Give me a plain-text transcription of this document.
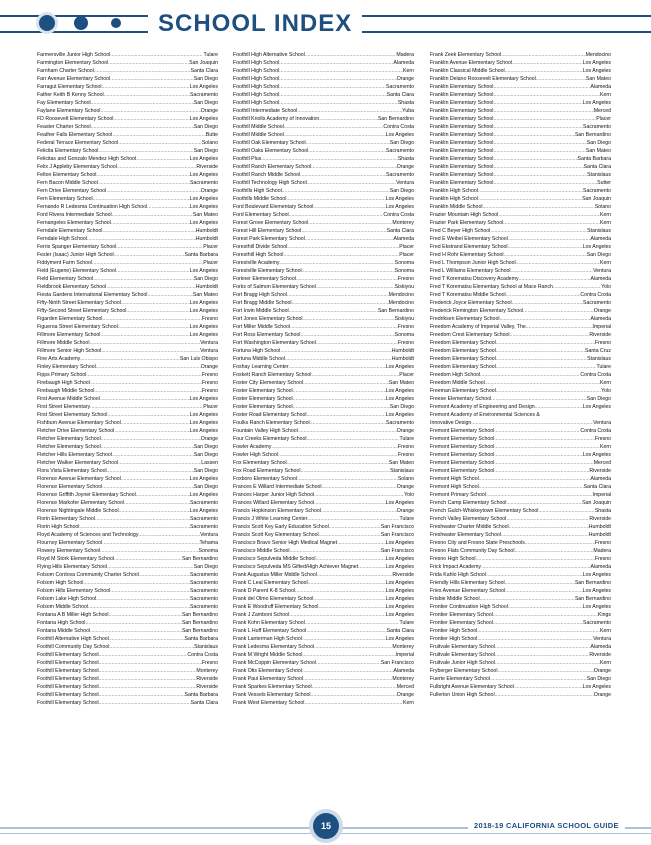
SCHOOL INDEX
Farmersville Junior High School .....	Tulare
Farmington Elementary School .....	San Joaquin
Farnham Charter School .....	Santa Clara
Farr Avenue Elementary School .....	San Diego
Farragut Elementary School .....	Los Angeles
Father Keith B Kenny School .....	Sacramento
Fay Elementary School .....	San Diego
Faylane Elementary School .....	Orange
FD Roosevelt Elementary School .....	Los Angeles
Feaster Charter School .....	San Diego
Feather Falls Elementary School .....	Butte
Federal Terrace Elementary School .....	Solano
Felicita Elementary School .....	San Diego
Felicitas and Gonzalo Mendez High School .....	Los Angeles
Felix J Appleby Elementary School .....	Riverside
Felton Elementary School .....	Los Angeles
Fern Bacon Middle School .....	Sacramento
Fern Drive Elementary School .....	Orange
Fern Elementary School .....	Los Angeles
Fernando R Ledesma Continuation High School .....	Los Angeles
Ford Rivera Intermediate School .....	San Mateo
Fernangeles Elementary School .....	Los Angeles
Ferndale Elementary School .....	Humboldt
Ferndale High School .....	Humboldt
Ferris Spanger Elementary School .....	Placer
Fesler (Isaac) Junior High School .....	Santa Barbara
Fiddyment Farm School .....	Placer
Field (Eugene) Elementary School .....	Los Angeles
Field Elementary School .....	San Diego
Fieldbrook Elementary School .....	Humboldt
Fiesta Gardens International Elementary School .....	San Mateo
Fifty-Ninth Street Elementary School .....	Los Angeles
Fifty-Second Street Elementary School .....	Los Angeles
Figarden Elementary School .....	Fresno
Figueroa Street Elementary School .....	Los Angeles
Fillmore Elementary School .....	Los Angeles
Fillmore Middle School .....	Ventura
Fillmore Senior High School .....	Ventura
Fine Arts Academy .....	San Luis Obispo
Finley Elementary School .....	Orange
Fipps Primary School .....	Fresno
Firebaugh High School .....	Fresno
Firebaugh Middle School .....	Fresno
First Avenue Middle School .....	Los Angeles
First Street Elementary .....	Placer
First Street Elementary School .....	Los Angeles
Fishburn Avenue Elementary School .....	Los Angeles
Fletcher Drive Elementary School .....	Los Angeles
Fletcher Elementary School .....	Orange
Fletcher Elementary School .....	San Diego
Fletcher Hills Elementary School .....	San Diego
Fletcher Walker Elementary School .....	Lassen
Flora Vista Elementary School .....	San Diego
Florence Avenue Elementary School .....	Los Angeles
Florence Elementary School .....	San Diego
Florence Griffith Joyner Elementary School .....	Los Angeles
Florence Markofer Elementary School .....	Sacramento
Florence Nightingale Middle School .....	Los Angeles
Florin Elementary School .....	Sacramento
Florin High School .....	Sacramento
Floyd Academy of Sciences and Technology .....	Ventura
Flournoy Elementary School .....	Tehama
Flowery Elementary School .....	Sonoma
Floyd M Stork Elementary School .....	San Bernardino
Flying Hills Elementary School .....	San Diego
Folsom Cordova Community Charter School .....	Sacramento
Folsom High School .....	Sacramento
Folsom Hills Elementary School .....	Sacramento
Folsom Lake High School .....	Sacramento
Folsom Middle School .....	Sacramento
Fontana A B Miller High School .....	San Bernardino
Fontana High School .....	San Bernardino
Fontana Middle School .....	San Bernardino
Foothill Alternative High School .....	Santa Barbara
Foothill Community Day School .....	Stanislaus
Foothill Elementary School .....	Contra Costa
Foothill Elementary School .....	Fresno
Foothill Elementary School .....	Monterey
Foothill Elementary School .....	Riverside
Foothill Elementary School .....	Riverside
Foothill Elementary School .....	Santa Barbara
Foothill Elementary School .....	Santa Clara
Foothill High Alternative School .....	Madera
Foothill High School .....	Alameda
Foothill High School .....	Kern
Foothill High School .....	Orange
Foothill High School .....	Sacramento
Foothill High School .....	Santa Clara
Foothill High School .....	Shasta
Foothill Intermediate School .....	Yuba
Foothill Knolls Academy of Innovation .....	San Bernardino
Foothill Middle School .....	Contra Costa
Foothill Middle School .....	Los Angeles
Foothill Oak Elementary School .....	San Diego
Foothill Oaks Elementary School .....	Sacramento
Foothill Plus .....	Shasta
Foothill Ranch Elementary School .....	Orange
Foothill Ranch Middle School .....	Sacramento
Foothill Technology High School .....	Ventura
Foothills High School .....	San Diego
Foothills Middle School .....	Los Angeles
Ford Boulevard Elementary School .....	Los Angeles
Ford Elementary School .....	Contra Costa
Forest Grove Elementary School .....	Monterey
Forest Hill Elementary School .....	Santa Clara
Forest Park Elementary School .....	Alameda
Foresthill Divide School .....	Placer
Foresthill High School .....	Placer
Forestville Academy .....	Sonoma
Forestville Elementary School .....	Sonoma
Forkner Elementary School .....	Fresno
Forks of Salmon Elementary School .....	Siskiyou
Fort Bragg High School .....	Mendocino
Fort Bragg Middle School .....	Mendocino
Fort Irwin Middle School .....	San Bernardino
Fort Jones Elementary School .....	Siskiyou
Fort Miller Middle School .....	Fresno
Fort Ross Elementary School .....	Sonoma
Fort Washington Elementary School .....	Fresno
Fortuna High School .....	Humboldt
Fortuna Middle School .....	Humboldt
Foshay Learning Center .....	Los Angeles
Foskett Ranch Elementary School .....	Placer
Foster City Elementary School .....	San Mateo
Foster Elementary School .....	Los Angeles
Foster Elementary School .....	Los Angeles
Foster Elementary School .....	San Diego
Foster Road Elementary School .....	Los Angeles
Foulks Ranch Elementary School .....	Sacramento
Fountain Valley High School .....	Orange
Four Creeks Elementary School .....	Tulare
Fowler Academy .....	Fresno
Fowler High School .....	Fresno
Fox Elementary School .....	San Mateo
Fox Road Elementary School .....	Stanislaus
Foxboro Elementary School .....	Solano
Frances E Willard Intermediate School .....	Orange
Frances Harper Junior High School .....	Yolo
Frances Willard Elementary School .....	Los Angeles
Francis Hopkinson Elementary School .....	Orange
Francis J White Learning Center .....	Tulare
Francis Scott Key Early Education School .....	San Francisco
Francis Scott Key Elementary School .....	San Francisco
Francisco Bravo Senior High Medical Magnet .....	Los Angeles
Francisco Middle School .....	San Francisco
Francisco Sepulveda Middle School .....	Los Angeles
Francisco Sepulveda MS Gifted/High Achiever Magnet .....	Los Angeles
Frank Augustus Miller Middle School .....	Riverside
Frank C Leal Elementary School .....	Los Angeles
Frank D Parent K-8 School .....	Los Angeles
Frank del Olmo Elementary School .....	Los Angeles
Frank E Woodruff Elementary School .....	Los Angeles
Frank J Zamboni School .....	Los Angeles
Frank Kohn Elementary School .....	Tulare
Frank L Huff Elementary School .....	Santa Clara
Frank Lanterman High School .....	Los Angeles
Frank Ledesma Elementary School .....	Monterey
Frank M Wright Middle School .....	Imperial
Frank McCoppin Elementary School .....	San Francisco
Frank Otis Elementary School .....	Alameda
Frank Paul Elementary School .....	Monterey
Frank Sparkes Elementary School .....	Merced
Frank Vessels Elementary School .....	Orange
Frank West Elementary School .....	Kern
Frank Zeek Elementary School .....	Mendocino
Franklin Avenue Elementary School .....	Los Angeles
Franklin Classical Middle School .....	Los Angeles
Franklin Delano Roosevelt Elementary School .....	San Mateo
Franklin Elementary School .....	Alameda
Franklin Elementary School .....	Kern
Franklin Elementary School .....	Los Angeles
Franklin Elementary School .....	Merced
Franklin Elementary School .....	Placer
Franklin Elementary School .....	Sacramento
Franklin Elementary School .....	San Bernardino
Franklin Elementary School .....	San Diego
Franklin Elementary School .....	San Mateo
Franklin Elementary School .....	Santa Barbara
Franklin Elementary School .....	Santa Clara
Franklin Elementary School .....	Stanislaus
Franklin Elementary School .....	Sutter
Franklin High School .....	Sacramento
Franklin High School .....	San Joaquin
Franklin Middle School .....	Solano
Frazier Mountain High School .....	Kern
Frazier Park Elementary School .....	Kern
Fred C Beyer High School .....	Stanislaus
Fred E Weibel Elementary School .....	Alameda
Fred Ekstrand Elementary School .....	Los Angeles
Fred H Rohr Elementary School .....	San Diego
Fred L Thompson Junior High School .....	Kern
Fred L Williams Elementary School .....	Ventura
Fred T Korematsu Discovery Academy .....	Alameda
Fred T Korematsu Elementary School at Mace Ranch .....	Yolo
Fred T Korematsu Middle School .....	Contra Costa
Frederick Joyce Elementary School .....	Sacramento
Frederick Remington Elementary School .....	Orange
Fredriksen Elementary School .....	Alameda
Freedom Academy of Imperial Valley, The .....	Imperial
Freedom Crest Elementary School .....	Riverside
Freedom Elementary School .....	Fresno
Freedom Elementary School .....	Santa Cruz
Freedom Elementary School .....	Stanislaus
Freedom Elementary School .....	Tulare
Freedom High School .....	Contra Costa
Freedom Middle School .....	Kern
Freeman Elementary School .....	Yolo
Freese Elementary School .....	San Diego
Fremont Academy of Engineering and Design .....	Los Angeles
Fremont Academy of Environmental Sciences &
Innovative Design .....	Ventura
Fremont Elementary School .....	Contra Costa
Fremont Elementary School .....	Fresno
Fremont Elementary School .....	Kern
Fremont Elementary School .....	Los Angeles
Fremont Elementary School .....	Merced
Fremont Elementary School .....	Riverside
Fremont High School .....	Alameda
Fremont High School .....	Santa Clara
Fremont Primary School .....	Imperial
French Camp Elementary School .....	San Joaquin
French Gulch-Whiskeytown Elementary School .....	Shasta
French Valley Elementary School .....	Riverside
Freshwater Charter Middle School .....	Humboldt
Freshwater Elementary School .....	Humboldt
Fresno City and Fresno State Preschools .....	Fresno
Fresno Flats Community Day School .....	Madera
Fresno High School .....	Fresno
Frick Impact Academy .....	Alameda
Frida Kahlo High School .....	Los Angeles
Friendly Hills Elementary School .....	San Bernardino
Fries Avenue Elementary School .....	Los Angeles
Frisbie Middle School .....	San Bernardino
Frontier Continuation High School .....	Los Angeles
Frontier Elementary School .....	Kings
Frontier Elementary School .....	Sacramento
Frontier High School .....	Kern
Frontier High School .....	Ventura
Fruitvale Elementary School .....	Alameda
Fruitvale Elementary School .....	Riverside
Fruitvale Junior High School .....	Kern
Fryberger Elementary School .....	Orange
Fuerte Elementary School .....	San Diego
Fulbright Avenue Elementary School .....	Los Angeles
Fullerton Union High School .....	Orange
15	2018-19 CALIFORNIA SCHOOL GUIDE
